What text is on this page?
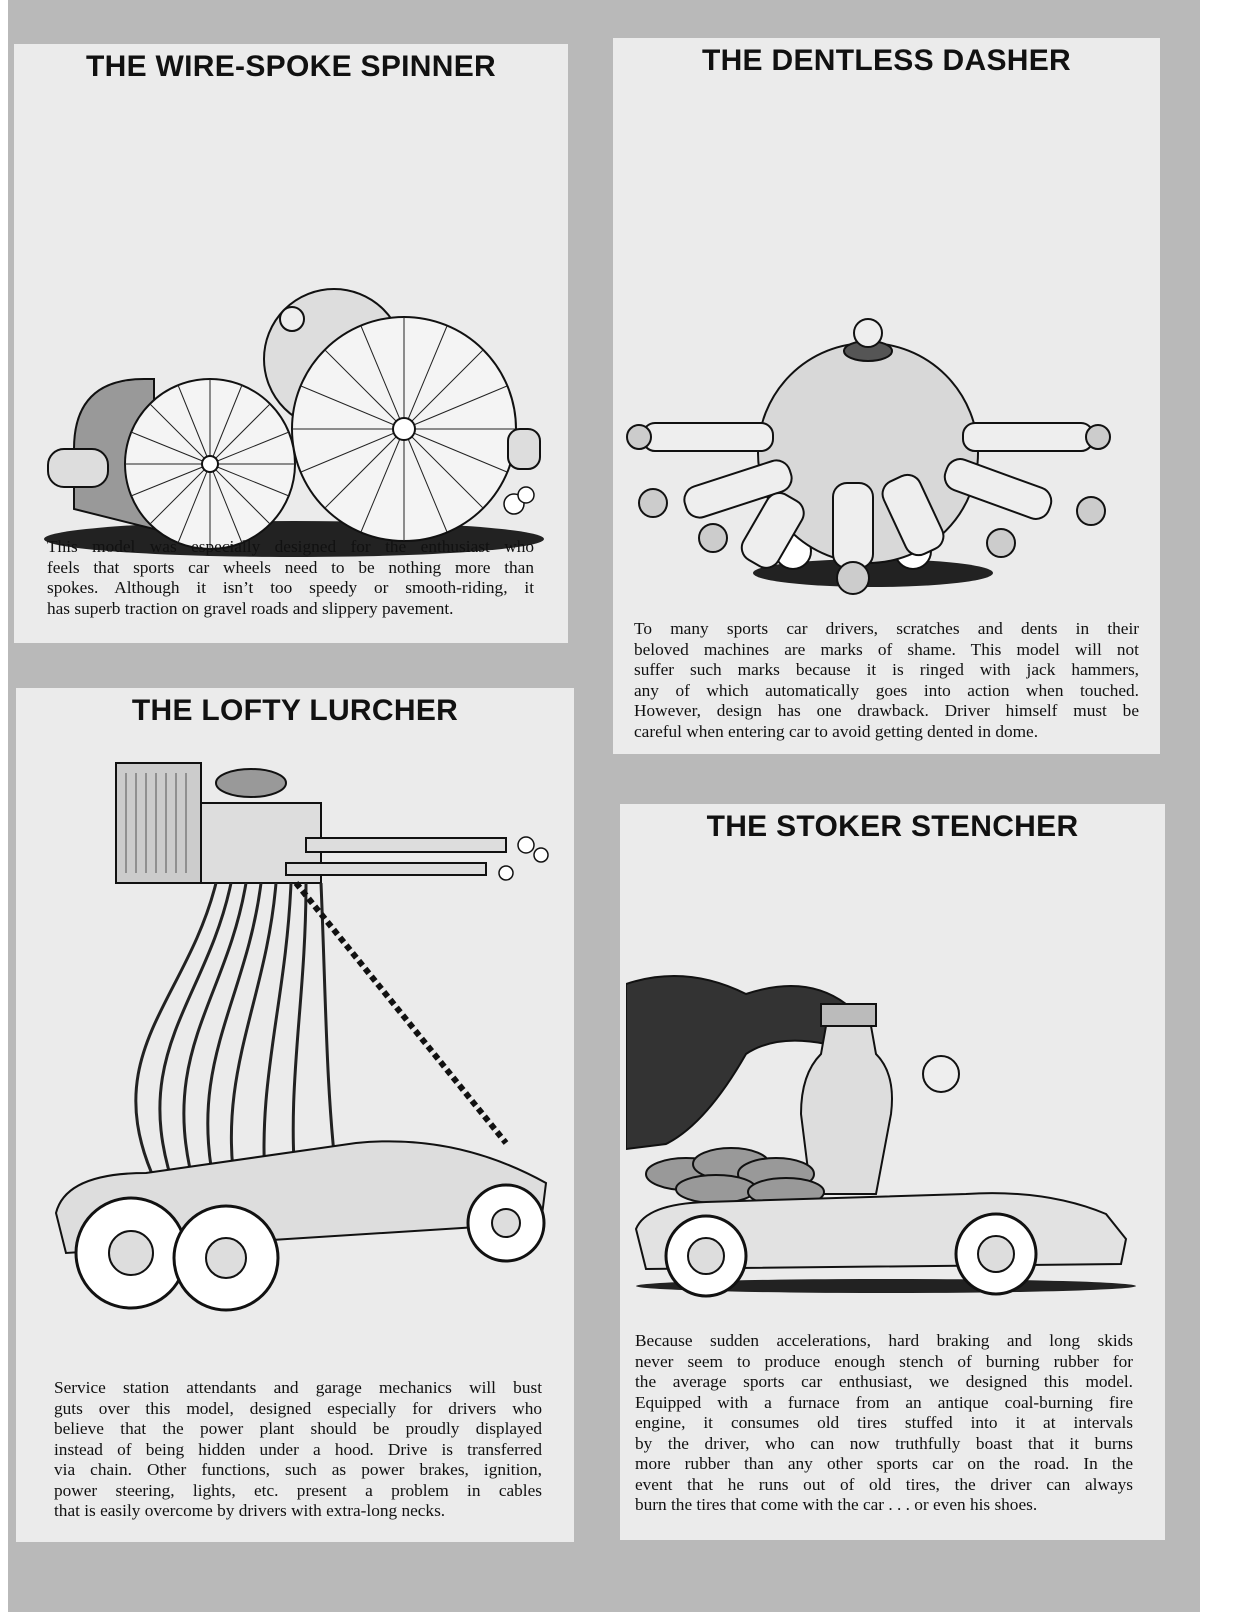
THE WIRE-SPOKE SPINNER
This model was especially designed for the enthusiast who
feels that sports car wheels need to be nothing more than
spokes. Although it isn’t too speedy or smooth-riding, it
has superb traction on gravel roads and slippery pavement.
THE DENTLESS DASHER
To many sports car drivers, scratches and dents in their
beloved machines are marks of shame. This model will not
suffer such marks because it is ringed with jack hammers,
any of which automatically goes into action when touched.
However, design has one drawback. Driver himself must be
careful when entering car to avoid getting dented in dome.
THE LOFTY LURCHER
Service station attendants and garage mechanics will bust
guts over this model, designed especially for drivers who
believe that the power plant should be proudly displayed
instead of being hidden under a hood. Drive is transferred
via chain. Other functions, such as power brakes, ignition,
power steering, lights, etc. present a problem in cables
that is easily overcome by drivers with extra-long necks.
THE STOKER STENCHER
Because sudden accelerations, hard braking and long skids
never seem to produce enough stench of burning rubber for
the average sports car enthusiast, we designed this model.
Equipped with a furnace from an antique coal-burning fire
engine, it consumes old tires stuffed into it at intervals
by the driver, who can now truthfully boast that it burns
more rubber than any other sports car on the road. In the
event that he runs out of old tires, the driver can always
burn the tires that come with the car . . . or even his shoes.
